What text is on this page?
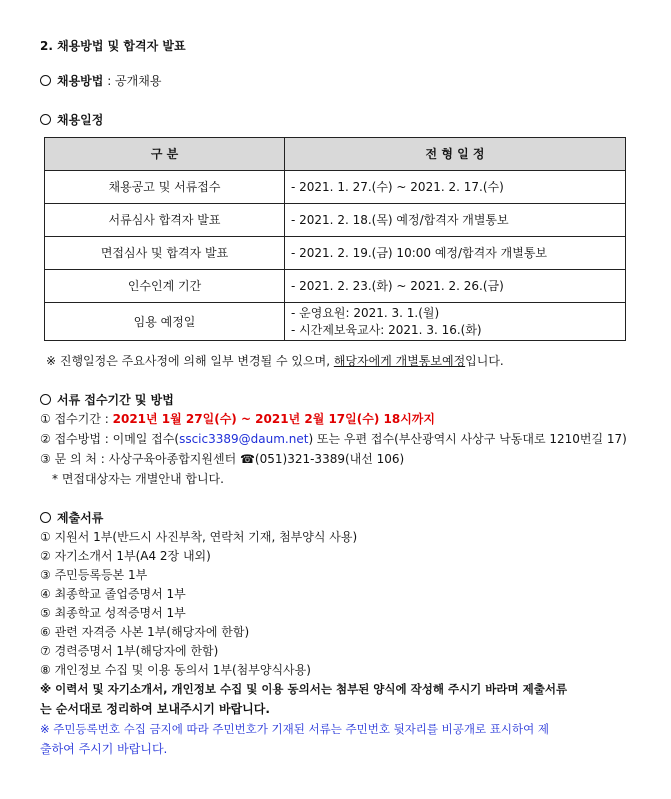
2. 채용방법 및 합격자 발표
채용방법 : 공개채용
채용일정
구 분	전 형 일 정
채용공고 및 서류접수	- 2021. 1. 27.(수) ~ 2021. 2. 17.(수)
서류심사 합격자 발표	- 2021. 2. 18.(목) 예정/합격자 개별통보
면접심사 및 합격자 발표	- 2021. 2. 19.(금) 10:00 예정/합격자 개별통보
인수인계 기간	- 2021. 2. 23.(화) ~ 2021. 2. 26.(금)
임용 예정일	- 운영요원: 2021. 3. 1.(월)
- 시간제보육교사: 2021. 3. 16.(화)
※ 진행일정은 주요사정에 의해 일부 변경될 수 있으며, 해당자에게 개별통보예정입니다.
서류 접수기간 및 방법
① 접수기간 : 2021년 1월 27일(수) ~ 2021년 2월 17일(수) 18시까지
② 접수방법 : 이메일 접수(sscic3389@daum.net) 또는 우편 접수(부산광역시 사상구 낙동대로 1210번길 17)
③ 문 의 처 : 사상구육아종합지원센터 ☎(051)321-3389(내선 106)
* 면접대상자는 개별안내 합니다.
제출서류
① 지원서 1부(반드시 사진부착, 연락처 기재, 첨부양식 사용)
② 자기소개서 1부(A4 2장 내외)
③ 주민등록등본 1부
④ 최종학교 졸업증명서 1부
⑤ 최종학교 성적증명서 1부
⑥ 관련 자격증 사본 1부(해당자에 한함)
⑦ 경력증명서 1부(해당자에 한함)
⑧ 개인정보 수집 및 이용 동의서 1부(첨부양식사용)
※ 이력서 및 자기소개서, 개인정보 수집 및 이용 동의서는 첨부된 양식에 작성해 주시기 바라며 제출서류
는 순서대로 정리하여 보내주시기 바랍니다.
※ 주민등록번호 수집 금지에 따라 주민번호가 기재된 서류는 주민번호 뒷자리를 비공개로 표시하여 제
출하여 주시기 바랍니다.
